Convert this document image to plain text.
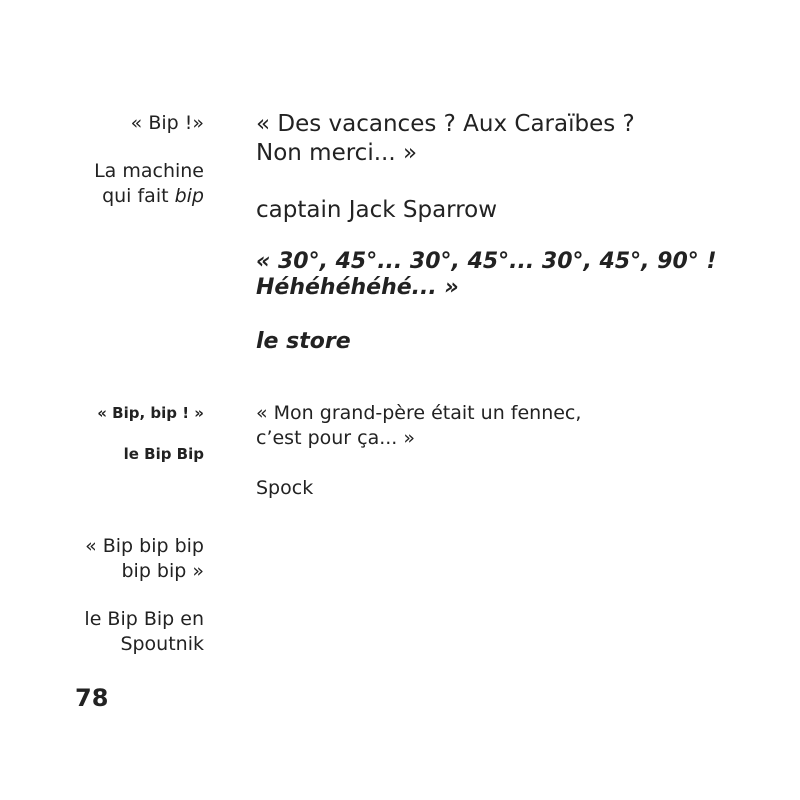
« Bip !»
La machine
qui fait bip
« Bip, bip ! »
le Bip Bip
« Bip bip bip
bip bip »
le Bip Bip en
Spoutnik
« Des vacances ? Aux Caraïbes ?
Non merci... »
captain Jack Sparrow
« 30°, 45°... 30°, 45°... 30°, 45°, 90° !
Héhéhéhéhé... »
le store
« Mon grand-père était un fennec,
c’est pour ça... »
Spock
78
